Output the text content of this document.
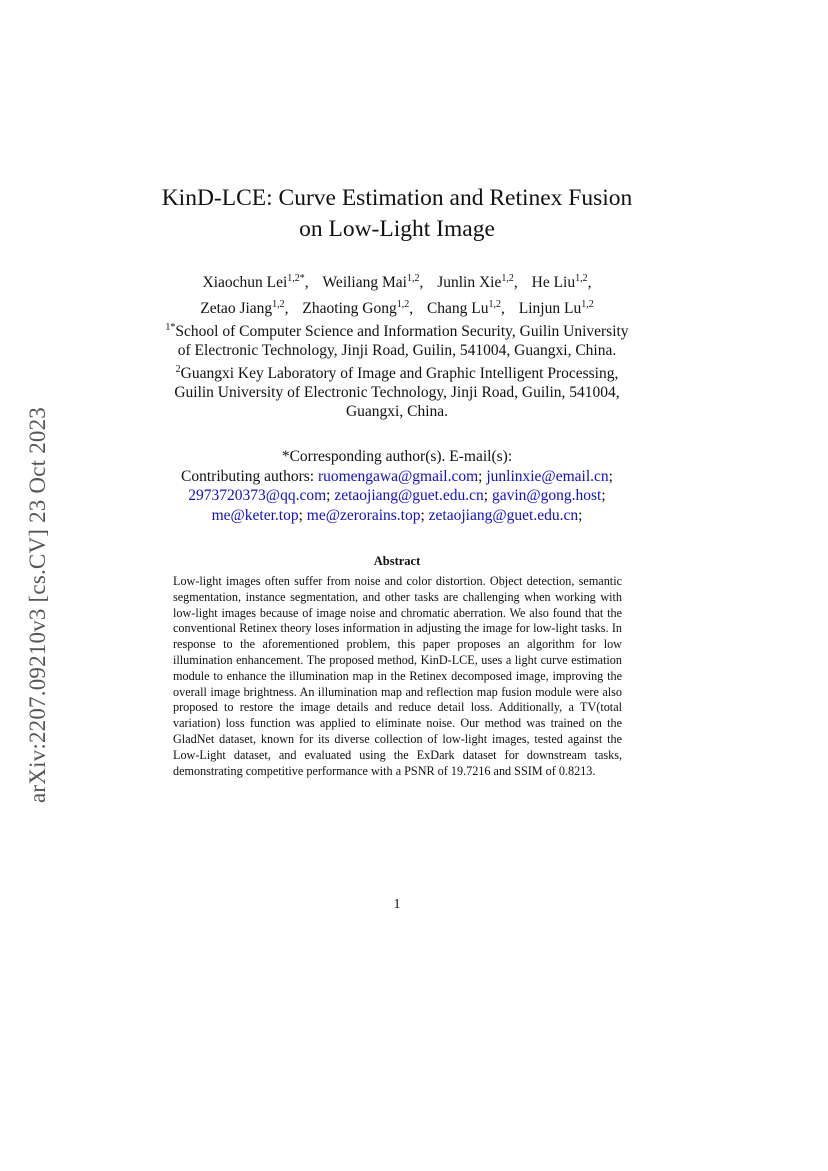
arXiv:2207.09210v3 [cs.CV] 23 Oct 2023
KinD-LCE: Curve Estimation and Retinex Fusion
on Low-Light Image
Xiaochun Lei$^{1,2*}$, Weiliang Mai$^{1,2}$, Junlin Xie$^{1,2}$, He Liu$^{1,2}$,
Zetao Jiang$^{1,2}$, Zhaoting Gong$^{1,2}$, Chang Lu$^{1,2}$, Linjun Lu$^{1,2}$
$^{1*}$School of Computer Science and Information Security, Guilin University
of Electronic Technology, Jinji Road, Guilin, 541004, Guangxi, China.
$^2$Guangxi Key Laboratory of Image and Graphic Intelligent Processing,
Guilin University of Electronic Technology, Jinji Road, Guilin, 541004,
Guangxi, China.
*Corresponding author(s). E-mail(s):
Contributing authors: ruomengawa@gmail.com; junlinxie@email.cn;
2973720373@qq.com; zetaojiang@guet.edu.cn; gavin@gong.host;
me@keter.top; me@zerorains.top; zetaojiang@guet.edu.cn;
Abstract
Low-light images often suffer from noise and color distortion. Object detection, semantic segmentation, instance segmentation, and other tasks are challenging when working with low-light images because of image noise and chromatic aberration. We also found that the conventional Retinex theory loses information in adjusting the image for low-light tasks. In response to the aforementioned problem, this paper proposes an algorithm for low illumination enhancement. The proposed method, KinD-LCE, uses a light curve estimation module to enhance the illumination map in the Retinex decomposed image, improving the overall image brightness. An illumination map and reflection map fusion module were also proposed to restore the image details and reduce detail loss. Additionally, a TV(total variation) loss function was applied to eliminate noise. Our method was trained on the GladNet dataset, known for its diverse collection of low-light images, tested against the Low-Light dataset, and evaluated using the ExDark dataset for downstream tasks, demonstrating competitive performance with a PSNR of 19.7216 and SSIM of 0.8213.
1
